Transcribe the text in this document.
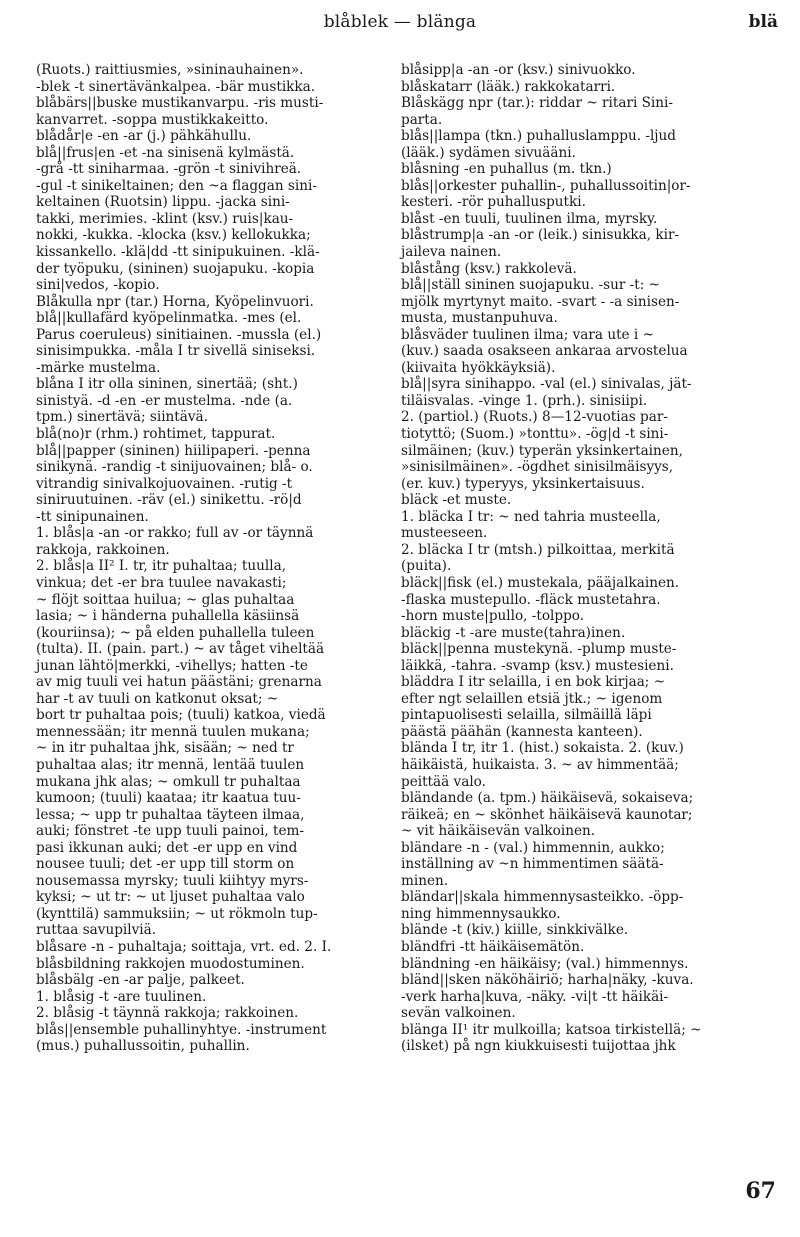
blåblek — blänga	blä
(Ruots.) raittiusmies, »sininauhainen».
-blek -t sinertävänkalpea. -bär mustikka.
blåbärs||buske mustikanvarpu. -ris musti-
kanvarret. -soppa mustikkakeitto.
blådår|e -en -ar (j.) pähkähullu.
blå||frus|en -et -na sinisenä kylmästä.
-grå -tt siniharmaa. -grön -t sinivihreä.
-gul -t sinikeltainen; den ~a flaggan sini-
keltainen (Ruotsin) lippu. -jacka sini-
takki, merimies. -klint (ksv.) ruis|kau-
nokki, -kukka. -klocka (ksv.) kellokukka;
kissankello. -klä|dd -tt sinipukuinen. -klä-
der työpuku, (sininen) suojapuku. -kopia
sini|vedos, -kopio.
Blåkulla npr (tar.) Horna, Kyöpelinvuori.
blå||kullafärd kyöpelinmatka. -mes (el.
Parus coeruleus) sinitiainen. -mussla (el.)
sinisimpukka. -måla I tr sivellä siniseksi.
-märke mustelma.
blåna I itr olla sininen, sinertää; (sht.)
sinistyä. -d -en -er mustelma. -nde (a.
tpm.) sinertävä; siintävä.
blå(no)r (rhm.) rohtimet, tappurat.
blå||papper (sininen) hiilipaperi. -penna
sinikynä. -randig -t sinijuovainen; blå- o.
vitrandig sinivalkojuovainen. -rutig -t
siniruutuinen. -räv (el.) sinikettu. -rö|d
-tt sinipunainen.
1. blås|a -an -or rakko; full av -or täynnä
rakkoja, rakkoinen.
2. blås|a II² I. tr, itr puhaltaa; tuulla,
vinkua; det -er bra tuulee navakasti;
~ flöjt soittaa huilua; ~ glas puhaltaa
lasia; ~ i händerna puhallella käsiinsä
(kouriinsa); ~ på elden puhallella tuleen
(tulta). II. (pain. part.) ~ av tåget viheltää
junan lähtö|merkki, -vihellys; hatten -te
av mig tuuli vei hatun päästäni; grenarna
har -t av tuuli on katkonut oksat; ~
bort tr puhaltaa pois; (tuuli) katkoa, viedä
mennessään; itr mennä tuulen mukana;
~ in itr puhaltaa jhk, sisään; ~ ned tr
puhaltaa alas; itr mennä, lentää tuulen
mukana jhk alas; ~ omkull tr puhaltaa
kumoon; (tuuli) kaataa; itr kaatua tuu-
lessa; ~ upp tr puhaltaa täyteen ilmaa,
auki; fönstret -te upp tuuli painoi, tem-
pasi ikkunan auki; det -er upp en vind
nousee tuuli; det -er upp till storm on
nousemassa myrsky; tuuli kiihtyy myrs-
kyksi; ~ ut tr: ~ ut ljuset puhaltaa valo
(kynttilä) sammuksiin; ~ ut rökmoln tup-
ruttaa savupilviä.
blåsare -n - puhaltaja; soittaja, vrt. ed. 2. I.
blåsbildning rakkojen muodostuminen.
blåsbälg -en -ar palje, palkeet.
1. blåsig -t -are tuulinen.
2. blåsig -t täynnä rakkoja; rakkoinen.
blås||ensemble puhallinyhtye. -instrument
(mus.) puhallussoitin, puhallin.
blåsipp|a -an -or (ksv.) sinivuokko.
blåskatarr (lääk.) rakkokatarri.
Blåskägg npr (tar.): riddar ~ ritari Sini-
parta.
blås||lampa (tkn.) puhalluslamppu. -ljud
(lääk.) sydämen sivuääni.
blåsning -en puhallus (m. tkn.)
blås||orkester puhallin-, puhallussoitin|or-
kesteri. -rör puhallusputki.
blåst -en tuuli, tuulinen ilma, myrsky.
blåstrump|a -an -or (leik.) sinisukka, kir-
jaileva nainen.
blåstång (ksv.) rakkolevä.
blå||ställ sininen suojapuku. -sur -t: ~
mjölk myrtynyt maito. -svart - -a sinisen-
musta, mustanpuhuva.
blåsväder tuulinen ilma; vara ute i ~
(kuv.) saada osakseen ankaraa arvostelua
(kiivaita hyökkäyksiä).
blå||syra sinihappo. -val (el.) sinivalas, jät-
tiläisvalas. -vinge 1. (prh.). sinisiipi.
2. (partiol.) (Ruots.) 8—12-vuotias par-
tiotyttö; (Suom.) »tonttu». -ög|d -t sini-
silmäinen; (kuv.) typerän yksinkertainen,
»sinisilmäinen». -ögdhet sinisilmäisyys,
(er. kuv.) typeryys, yksinkertaisuus.
bläck -et muste.
1. bläcka I tr: ~ ned tahria musteella,
musteeseen.
2. bläcka I tr (mtsh.) pilkoittaa, merkitä
(puita).
bläck||fisk (el.) mustekala, pääjalkainen.
-flaska mustepullo. -fläck mustetahra.
-horn muste|pullo, -tolppo.
bläckig -t -are muste(tahra)inen.
bläck||penna mustekynä. -plump muste-
läikkä, -tahra. -svamp (ksv.) mustesieni.
bläddra I itr selailla, i en bok kirjaa; ~
efter ngt selaillen etsiä jtk.; ~ igenom
pintapuolisesti selailla, silmäillä läpi
päästä päähän (kannesta kanteen).
blända I tr, itr 1. (hist.) sokaista. 2. (kuv.)
häikäistä, huikaista. 3. ~ av himmentää;
peittää valo.
bländande (a. tpm.) häikäisevä, sokaiseva;
räikeä; en ~ skönhet häikäisevä kaunotar;
~ vit häikäisevän valkoinen.
bländare -n - (val.) himmennin, aukko;
inställning av ~n himmentimen säätä-
minen.
bländar||skala himmennysasteikko. -öpp-
ning himmennysaukko.
blände -t (kiv.) kiille, sinkkivälke.
bländfri -tt häikäisemätön.
bländning -en häikäisy; (val.) himmennys.
bländ||sken näköhäiriö; harha|näky, -kuva.
-verk harha|kuva, -näky. -vi|t -tt häikäi-
sevän valkoinen.
blänga II¹ itr mulkoilla; katsoa tirkistellä; ~
(ilsket) på ngn kiukkuisesti tuijottaa jhk
67
